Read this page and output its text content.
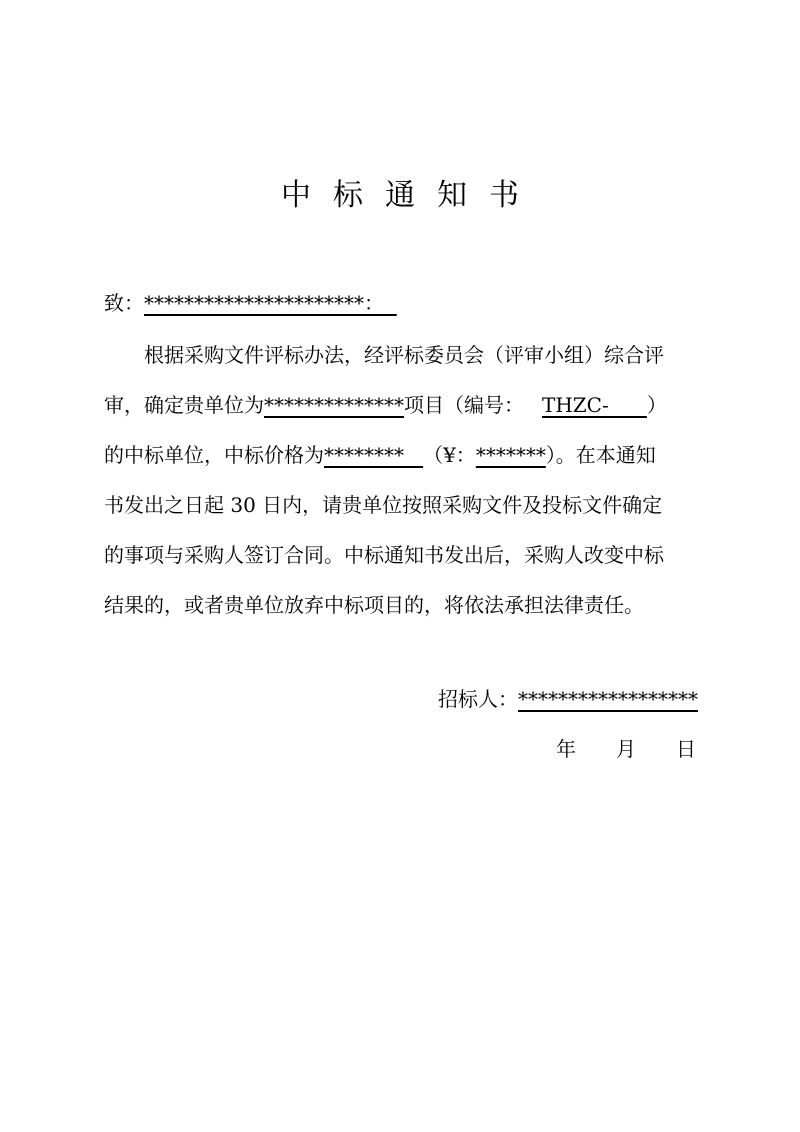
中标通知书
致：**********************：
根据采购文件评标办法，经评标委员会（评审小组）综合评
审，确定贵单位为**************项目（编号： THZC-      ）
的中标单位，中标价格为********   （¥：*******）。在本通知
书发出之日起 30 日内，请贵单位按照采购文件及投标文件确定
的事项与采购人签订合同。中标通知书发出后，采购人改变中标
结果的，或者贵单位放弃中标项目的，将依法承担法律责任。
招标人：******************
年 月 日
